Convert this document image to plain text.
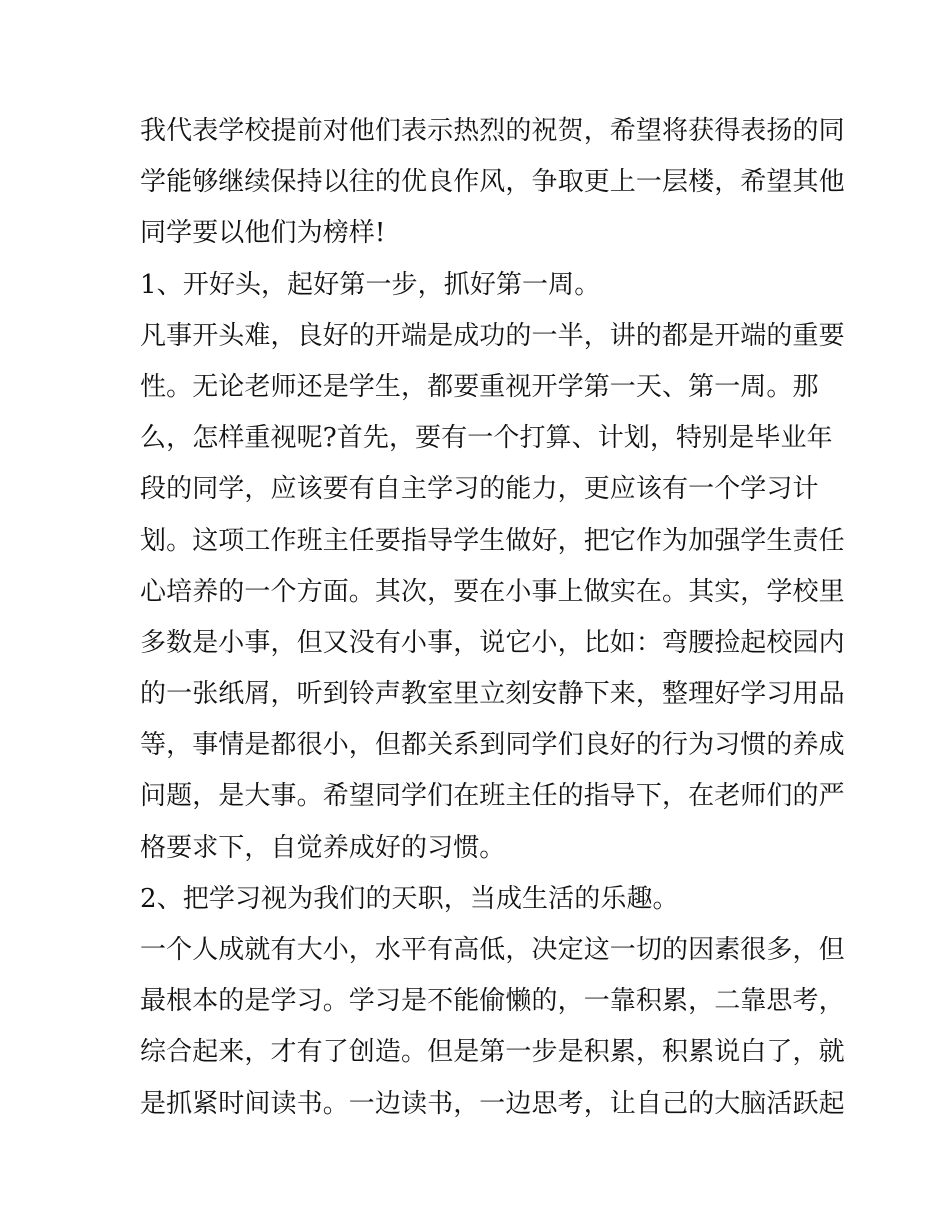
我代表学校提前对他们表示热烈的祝贺，希望将获得表扬的同
学能够继续保持以往的优良作风，争取更上一层楼，希望其他
同学要以他们为榜样!
1、开好头，起好第一步，抓好第一周。
凡事开头难，良好的开端是成功的一半，讲的都是开端的重要
性。无论老师还是学生，都要重视开学第一天、第一周。那
么，怎样重视呢?首先，要有一个打算、计划，特别是毕业年
段的同学，应该要有自主学习的能力，更应该有一个学习计
划。这项工作班主任要指导学生做好，把它作为加强学生责任
心培养的一个方面。其次，要在小事上做实在。其实，学校里
多数是小事，但又没有小事，说它小，比如：弯腰捡起校园内
的一张纸屑，听到铃声教室里立刻安静下来，整理好学习用品
等，事情是都很小，但都关系到同学们良好的行为习惯的养成
问题，是大事。希望同学们在班主任的指导下，在老师们的严
格要求下，自觉养成好的习惯。
2、把学习视为我们的天职，当成生活的乐趣。
一个人成就有大小，水平有高低，决定这一切的因素很多，但
最根本的是学习。学习是不能偷懒的，一靠积累，二靠思考，
综合起来，才有了创造。但是第一步是积累，积累说白了，就
是抓紧时间读书。一边读书，一边思考，让自己的大脑活跃起
